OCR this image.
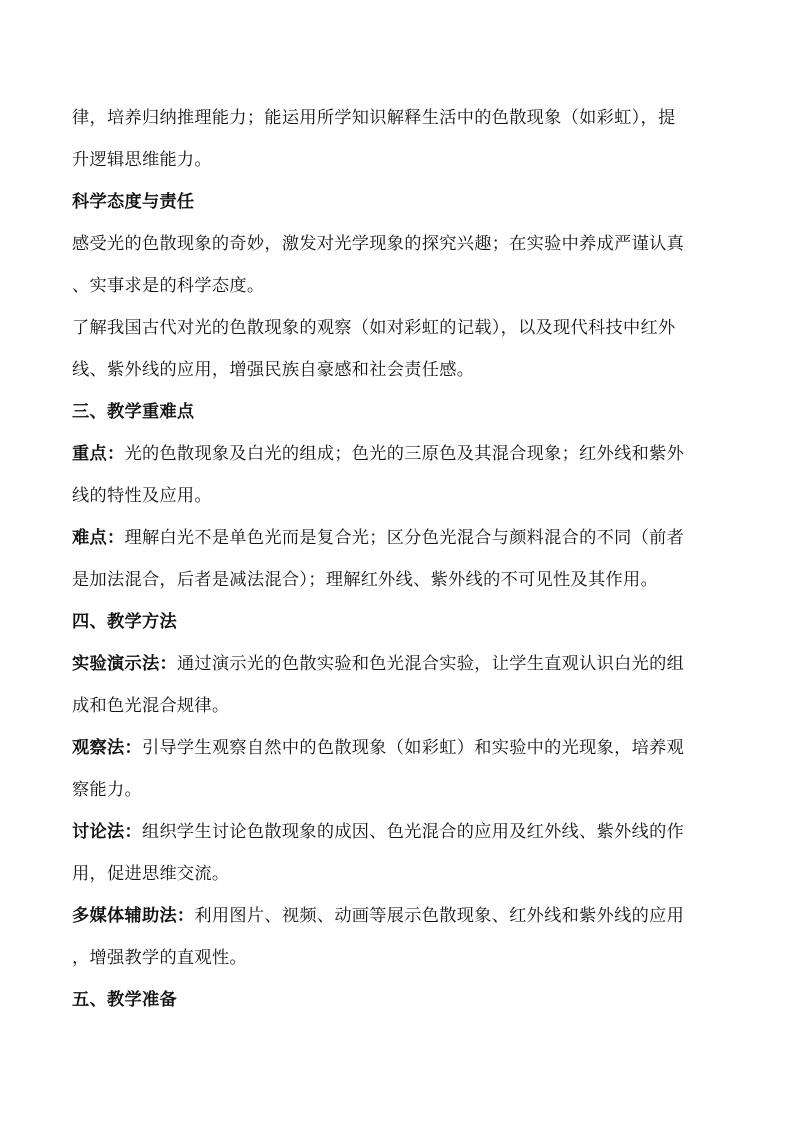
律，培养归纳推理能力；能运用所学知识解释生活中的色散现象（如彩虹），提
升逻辑思维能力。
科学态度与责任
感受光的色散现象的奇妙，激发对光学现象的探究兴趣；在实验中养成严谨认真
、实事求是的科学态度。
了解我国古代对光的色散现象的观察（如对彩虹的记载），以及现代科技中红外
线、紫外线的应用，增强民族自豪感和社会责任感。
三、教学重难点
重点：光的色散现象及白光的组成；色光的三原色及其混合现象；红外线和紫外
线的特性及应用。
难点：理解白光不是单色光而是复合光；区分色光混合与颜料混合的不同（前者
是加法混合，后者是减法混合）；理解红外线、紫外线的不可见性及其作用。
四、教学方法
实验演示法：通过演示光的色散实验和色光混合实验，让学生直观认识白光的组
成和色光混合规律。
观察法：引导学生观察自然中的色散现象（如彩虹）和实验中的光现象，培养观
察能力。
讨论法：组织学生讨论色散现象的成因、色光混合的应用及红外线、紫外线的作
用，促进思维交流。
多媒体辅助法：利用图片、视频、动画等展示色散现象、红外线和紫外线的应用
，增强教学的直观性。
五、教学准备
